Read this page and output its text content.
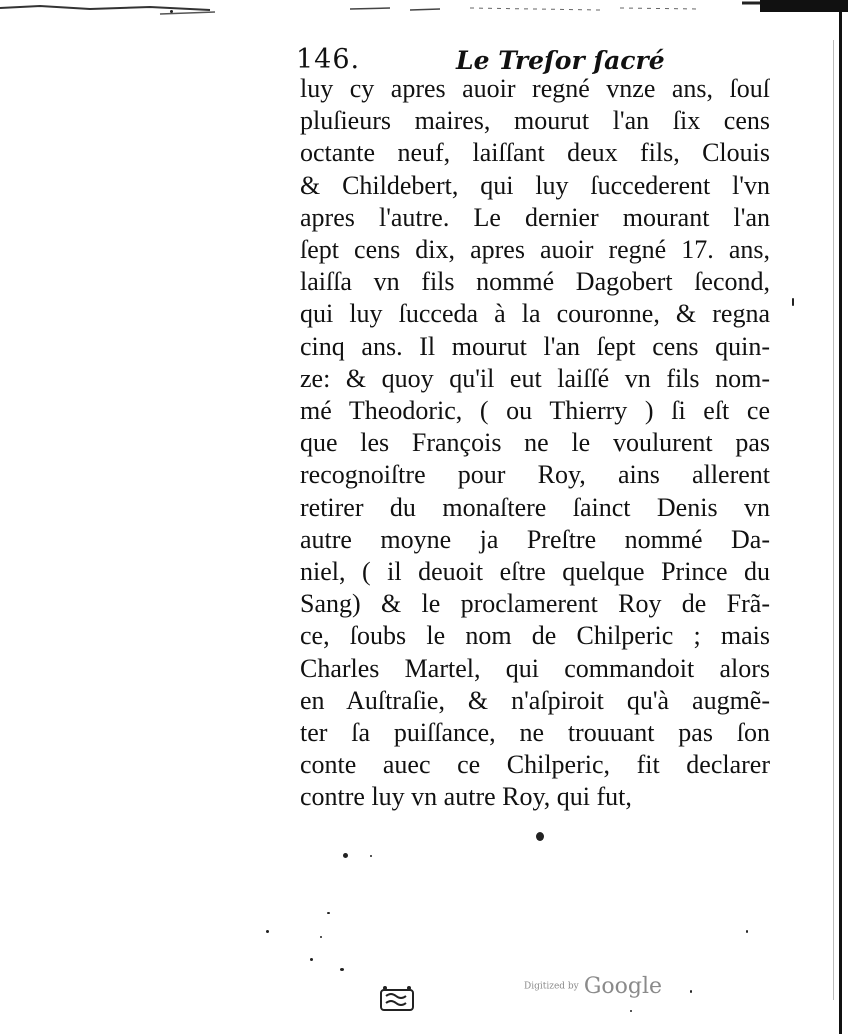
146.	Le Treſor ſacré
luy cy apres auoir regné vnze ans, ſouſ
pluſieurs maires, mourut l'an ſix cens
octante neuf, laiſſant deux fils, Clouis
& Childebert, qui luy ſuccederent l'vn
apres l'autre. Le dernier mourant l'an
ſept cens dix, apres auoir regné 17. ans,
laiſſa vn fils nommé Dagobert ſecond,
qui luy ſucceda à la couronne, & regna
cinq ans. Il mourut l'an ſept cens quin-
ze: & quoy qu'il eut laiſſé vn fils nom-
mé Theodoric, ( ou Thierry ) ſi eſt ce
que les François ne le voulurent pas
recognoiſtre pour Roy, ains allerent
retirer du monaſtere ſainct Denis vn
autre moyne ja Preſtre nommé Da-
niel, ( il deuoit eſtre quelque Prince du
Sang) & le proclamerent Roy de Frã-
ce, ſoubs le nom de Chilperic ; mais
Charles Martel, qui commandoit alors
en Auſtraſie, & n'aſpiroit qu'à augmẽ-
ter ſa puiſſance, ne trouuant pas ſon
conte auec ce Chilperic, fit declarer
contre luy vn autre Roy, qui fut,
Digitized by Google
